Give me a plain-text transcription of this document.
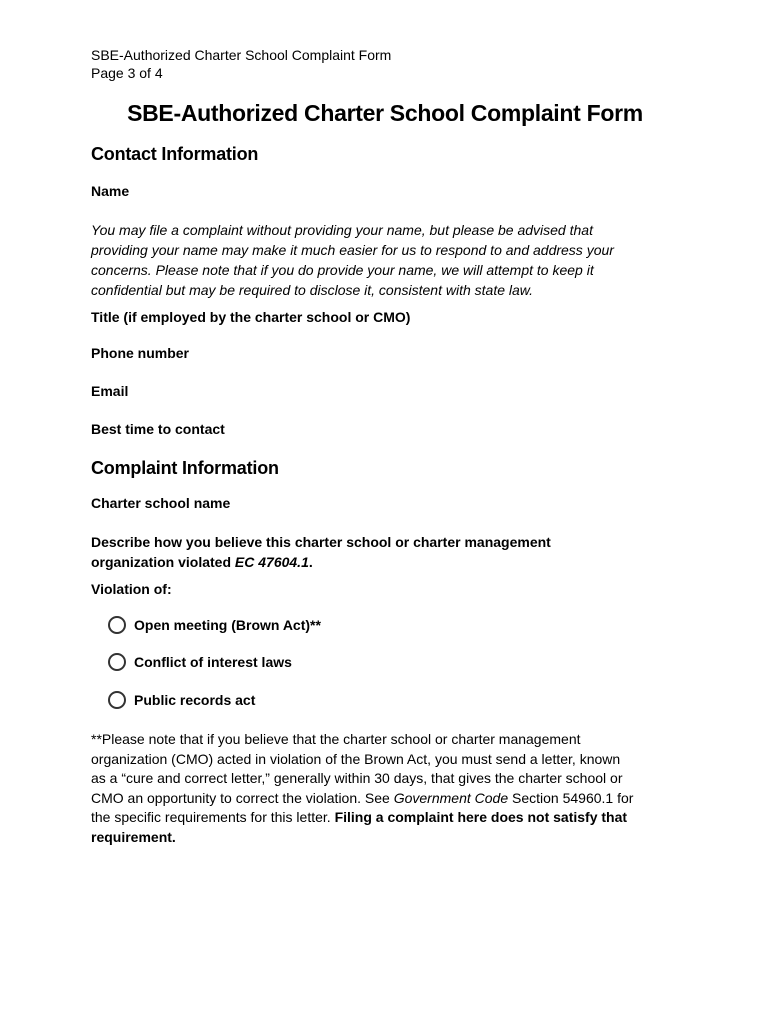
SBE-Authorized Charter School Complaint Form
Page 3 of 4
SBE-Authorized Charter School Complaint Form
Contact Information
Name
You may file a complaint without providing your name, but please be advised that
providing your name may make it much easier for us to respond to and address your
concerns. Please note that if you do provide your name, we will attempt to keep it
confidential but may be required to disclose it, consistent with state law.
Title (if employed by the charter school or CMO)
Phone number
Email
Best time to contact
Complaint Information
Charter school name
Describe how you believe this charter school or charter management
organization violated EC 47604.1.
Violation of:
Open meeting (Brown Act)**
Conflict of interest laws
Public records act
**Please note that if you believe that the charter school or charter management
organization (CMO) acted in violation of the Brown Act, you must send a letter, known
as a “cure and correct letter,” generally within 30 days, that gives the charter school or
CMO an opportunity to correct the violation. See Government Code Section 54960.1 for
the specific requirements for this letter. Filing a complaint here does not satisfy that
requirement.
